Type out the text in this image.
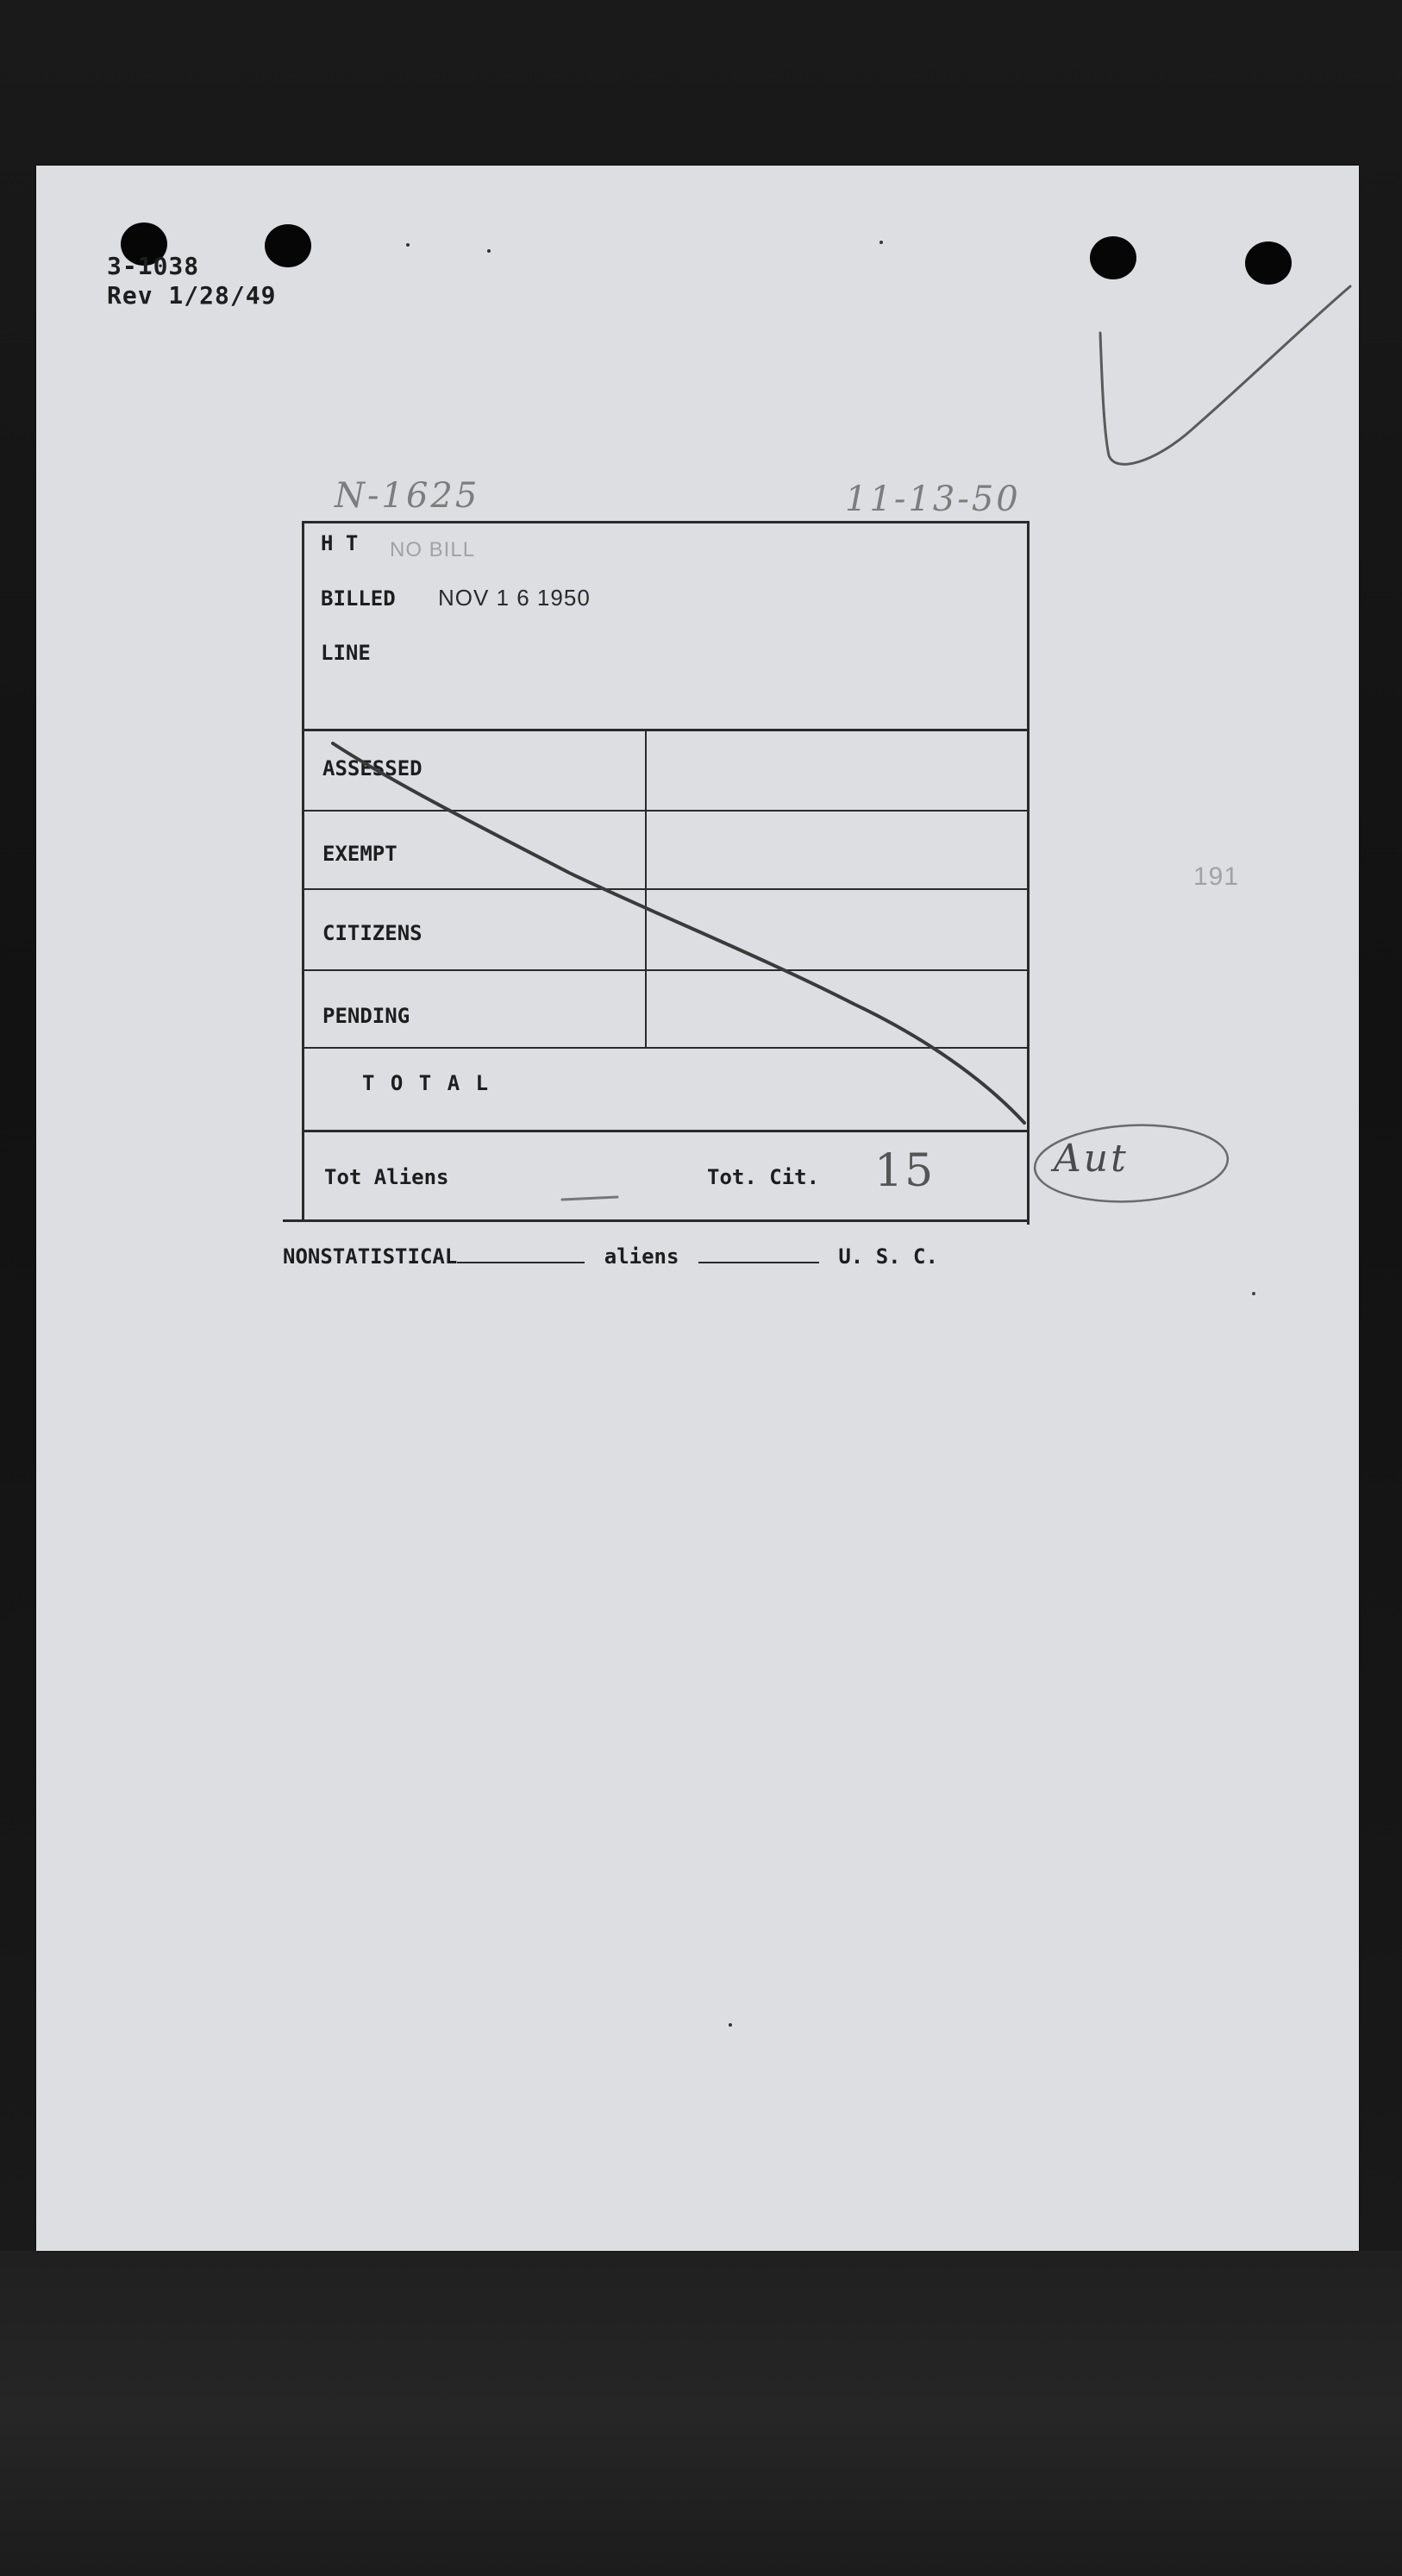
3-1038
Rev 1/28/49
N-1625	11-13-50
191
H T NO BILL
BILLED NOV 1 6 1950
LINE
ASSESSED
EXEMPT
CITIZENS
PENDING
T O T A L
Tot Aliens	Tot. Cit. 15	Aut
NONSTATISTICAL	aliens	U. S. C.
